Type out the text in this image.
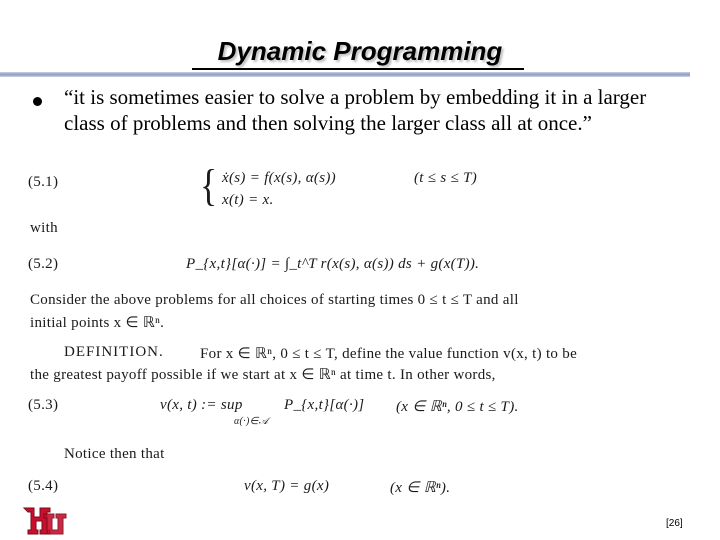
Dynamic Programming
“it is sometimes easier to solve a problem by embedding it in a larger class of problems and then solving the larger class all at once.”
(5.1)	{ ẋ(s) = f(x(s), α(s))	(t ≤ s ≤ T)
x(t) = x.
with
(5.2)	P_{x,t}[α(·)] = ∫_t^T r(x(s), α(s)) ds + g(x(T)).
Consider the above problems for all choices of starting times 0 ≤ t ≤ T and all
initial points x ∈ ℝⁿ.
DEFINITION. For x ∈ ℝⁿ, 0 ≤ t ≤ T, define the value function v(x, t) to be
the greatest payoff possible if we start at x ∈ ℝⁿ at time t. In other words,
(5.3)	v(x, t) := sup
α(·)∈𝒜
P_{x,t}[α(·)] (x ∈ ℝⁿ, 0 ≤ t ≤ T).
Notice then that
(5.4)	v(x, T) = g(x)	(x ∈ ℝⁿ).
[26]
